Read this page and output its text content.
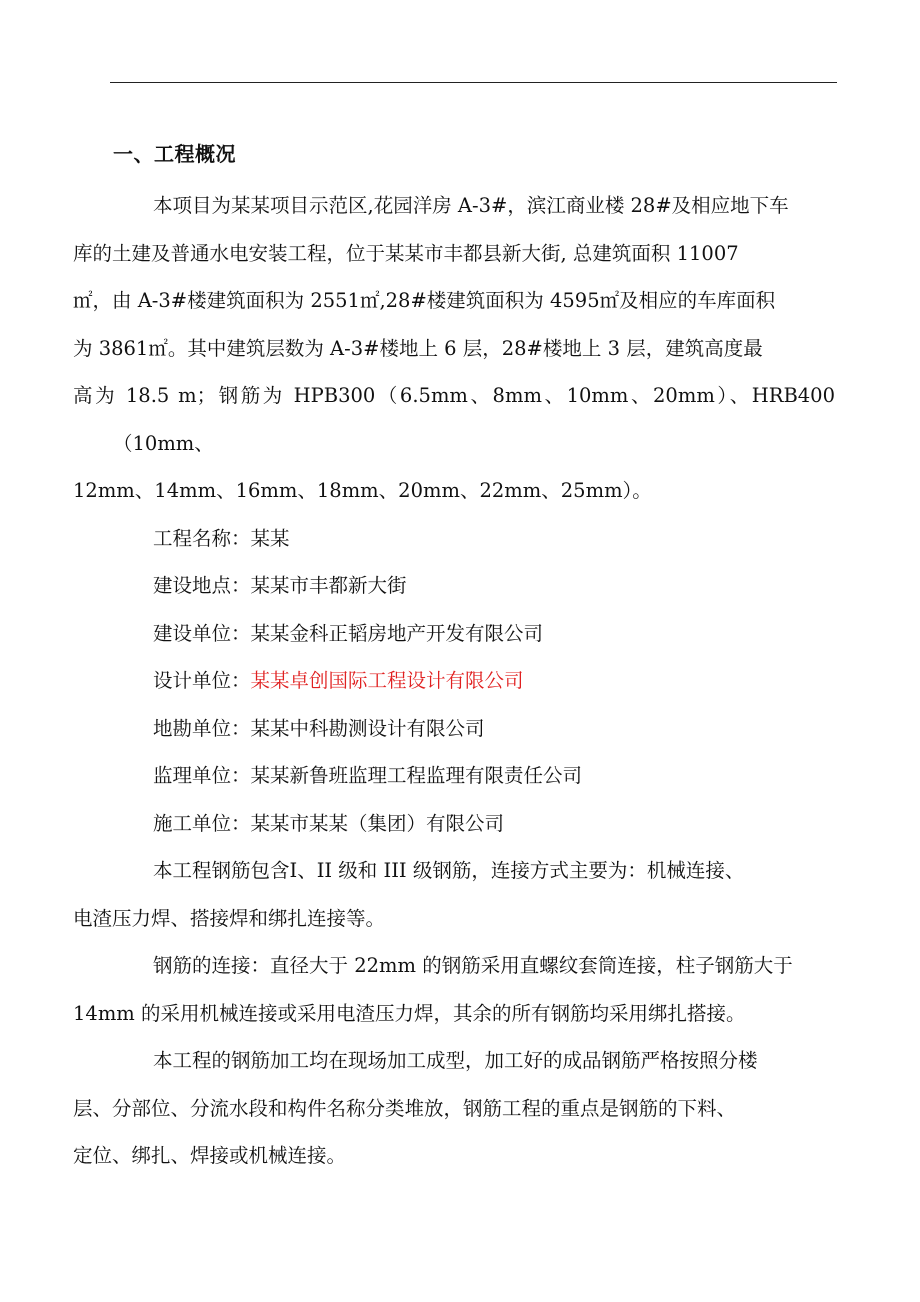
一、工程概况

本项目为某某项目示范区,花园洋房 A-3#，滨江商业楼 28#及相应地下车
库的土建及普通水电安装工程，位于某某市丰都县新大街, 总建筑面积 11007
㎡，由 A-3#楼建筑面积为 2551㎡,28#楼建筑面积为 4595㎡及相应的车库面积
为 3861㎡。其中建筑层数为 A-3#楼地上 6 层，28#楼地上 3 层，建筑高度最
高为 18.5 m；钢筋为 HPB300（6.5mm、8mm、10mm、20mm）、HRB400（10mm、
12mm、14mm、16mm、18mm、20mm、22mm、25mm）。

工程名称：某某
建设地点：某某市丰都新大街
建设单位：某某金科正韬房地产开发有限公司
设计单位：某某卓创国际工程设计有限公司
地勘单位：某某中科勘测设计有限公司
监理单位：某某新鲁班监理工程监理有限责任公司
施工单位：某某市某某（集团）有限公司

本工程钢筋包含Ⅰ、II 级和 III 级钢筋，连接方式主要为：机械连接、
电渣压力焊、搭接焊和绑扎连接等。

钢筋的连接：直径大于 22mm 的钢筋采用直螺纹套筒连接，柱子钢筋大于
14mm 的采用机械连接或采用电渣压力焊，其余的所有钢筋均采用绑扎搭接。

本工程的钢筋加工均在现场加工成型，加工好的成品钢筋严格按照分楼
层、分部位、分流水段和构件名称分类堆放，钢筋工程的重点是钢筋的下料、
定位、绑扎、焊接或机械连接。
